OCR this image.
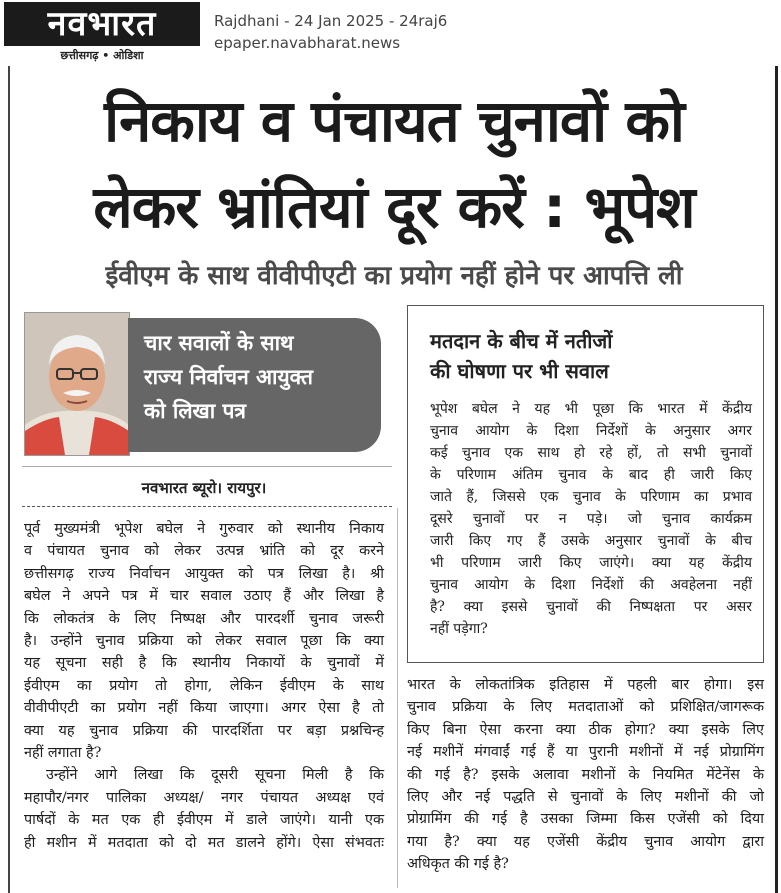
नवभारत
छत्तीसगढ़ • ओडिशा
Rajdhani - 24 Jan 2025 - 24raj6
epaper.navabharat.news
निकाय व पंचायत चुनावों को
लेकर भ्रांतियां दूर करें : भूपेश
ईवीएम के साथ वीवीपीएटी का प्रयोग नहीं होने पर आपत्ति ली
चार सवालों के साथ
राज्य निर्वाचन आयुक्त
को लिखा पत्र
नवभारत ब्यूरो। रायपुर।
पूर्व मुख्यमंत्री भूपेश बघेल ने गुरुवार को स्थानीय निकाय
व पंचायत चुनाव को लेकर उत्पन्न भ्रांति को दूर करने
छत्तीसगढ़ राज्य निर्वाचन आयुक्त को पत्र लिखा है। श्री
बघेल ने अपने पत्र में चार सवाल उठाए हैं और लिखा है
कि लोकतंत्र के लिए निष्पक्ष और पारदर्शी चुनाव जरूरी
है। उन्होंने चुनाव प्रक्रिया को लेकर सवाल पूछा कि क्या
यह सूचना सही है कि स्थानीय निकायों के चुनावों में
ईवीएम का प्रयोग तो होगा, लेकिन ईवीएम के साथ
वीवीपीएटी का प्रयोग नहीं किया जाएगा। अगर ऐसा है तो
क्या यह चुनाव प्रक्रिया की पारदर्शिता पर बड़ा प्रश्नचिन्ह
नहीं लगाता है?
उन्होंने आगे लिखा कि दूसरी सूचना मिली है कि
महापौर/नगर पालिका अध्यक्ष/ नगर पंचायत अध्यक्ष एवं
पार्षदों के मत एक ही ईवीएम में डाले जाएंगे। यानी एक
ही मशीन में मतदाता को दो मत डालने होंगे। ऐसा संभवतः
मतदान के बीच में नतीजों
की घोषणा पर भी सवाल
भूपेश बघेल ने यह भी पूछा कि भारत में केंद्रीय
चुनाव आयोग के दिशा निर्देशों के अनुसार अगर
कई चुनाव एक साथ हो रहे हों, तो सभी चुनावों
के परिणाम अंतिम चुनाव के बाद ही जारी किए
जाते हैं, जिससे एक चुनाव के परिणाम का प्रभाव
दूसरे चुनावों पर न पड़े। जो चुनाव कार्यक्रम
जारी किए गए हैं उसके अनुसार चुनावों के बीच
भी परिणाम जारी किए जाएंगे। क्या यह केंद्रीय
चुनाव आयोग के दिशा निर्देशों की अवहेलना नहीं
है? क्या इससे चुनावों की निष्पक्षता पर असर
नहीं पड़ेगा?
भारत के लोकतांत्रिक इतिहास में पहली बार होगा। इस
चुनाव प्रक्रिया के लिए मतदाताओं को प्रशिक्षित/जागरूक
किए बिना ऐसा करना क्या ठीक होगा? क्या इसके लिए
नई मशीनें मंगवाईं गई हैं या पुरानी मशीनों में नई प्रोग्रामिंग
की गई है? इसके अलावा मशीनों के नियमित मेंटेनेंस के
लिए और नई पद्धति से चुनावों के लिए मशीनों की जो
प्रोग्रामिंग की गई है उसका जिम्मा किस एजेंसी को दिया
गया है? क्या यह एजेंसी केंद्रीय चुनाव आयोग द्वारा
अधिकृत की गई है?
